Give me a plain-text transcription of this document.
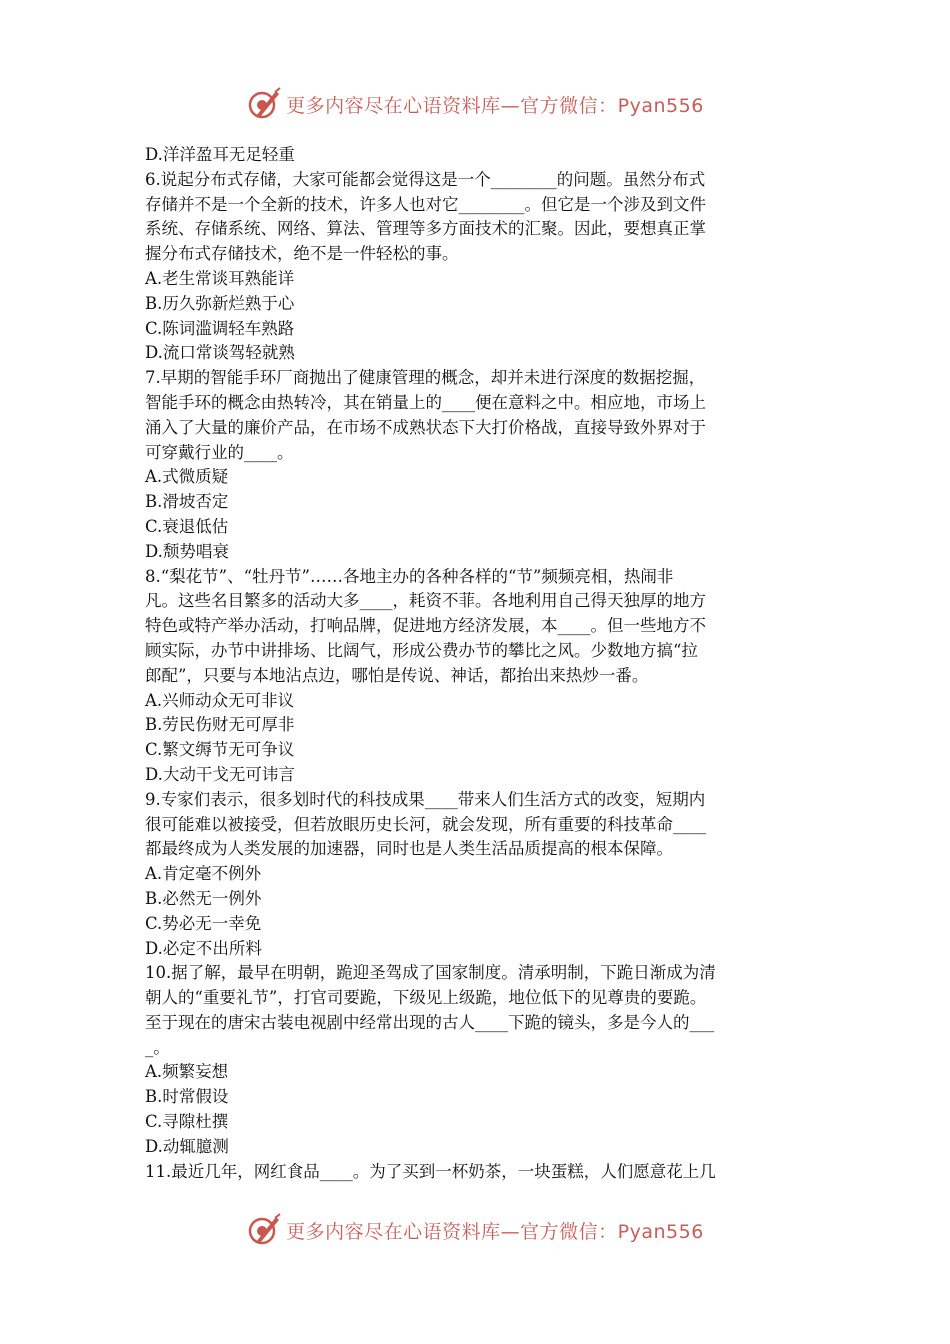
更多内容尽在心语资料库—官方微信：Pyan556
D.洋洋盈耳无足轻重
6.说起分布式存储，大家可能都会觉得这是一个________的问题。虽然分布式
存储并不是一个全新的技术，许多人也对它________。但它是一个涉及到文件
系统、存储系统、网络、算法、管理等多方面技术的汇聚。因此，要想真正掌
握分布式存储技术，绝不是一件轻松的事。
A.老生常谈耳熟能详
B.历久弥新烂熟于心
C.陈词滥调轻车熟路
D.流口常谈驾轻就熟
7.早期的智能手环厂商抛出了健康管理的概念，却并未进行深度的数据挖掘，
智能手环的概念由热转冷，其在销量上的____便在意料之中。相应地，市场上
涌入了大量的廉价产品，在市场不成熟状态下大打价格战，直接导致外界对于
可穿戴行业的____。
A.式微质疑
B.滑坡否定
C.衰退低估
D.颓势唱衰
8.“梨花节”、“牡丹节”……各地主办的各种各样的“节”频频亮相，热闹非
凡。这些名目繁多的活动大多____，耗资不菲。各地利用自己得天独厚的地方
特色或特产举办活动，打响品牌，促进地方经济发展，本____。但一些地方不
顾实际，办节中讲排场、比阔气，形成公费办节的攀比之风。少数地方搞“拉
郎配”，只要与本地沾点边，哪怕是传说、神话，都抬出来热炒一番。
A.兴师动众无可非议
B.劳民伤财无可厚非
C.繁文缛节无可争议
D.大动干戈无可讳言
9.专家们表示，很多划时代的科技成果____带来人们生活方式的改变，短期内
很可能难以被接受，但若放眼历史长河，就会发现，所有重要的科技革命____
都最终成为人类发展的加速器，同时也是人类生活品质提高的根本保障。
A.肯定毫不例外
B.必然无一例外
C.势必无一幸免
D.必定不出所料
10.据了解，最早在明朝，跪迎圣驾成了国家制度。清承明制，下跪日渐成为清
朝人的“重要礼节”，打官司要跪，下级见上级跪，地位低下的见尊贵的要跪。
至于现在的唐宋古装电视剧中经常出现的古人____下跪的镜头，多是今人的___
_。
A.频繁妄想
B.时常假设
C.寻隙杜撰
D.动辄臆测
11.最近几年，网红食品____。为了买到一杯奶茶，一块蛋糕，人们愿意花上几
更多内容尽在心语资料库—官方微信：Pyan556
